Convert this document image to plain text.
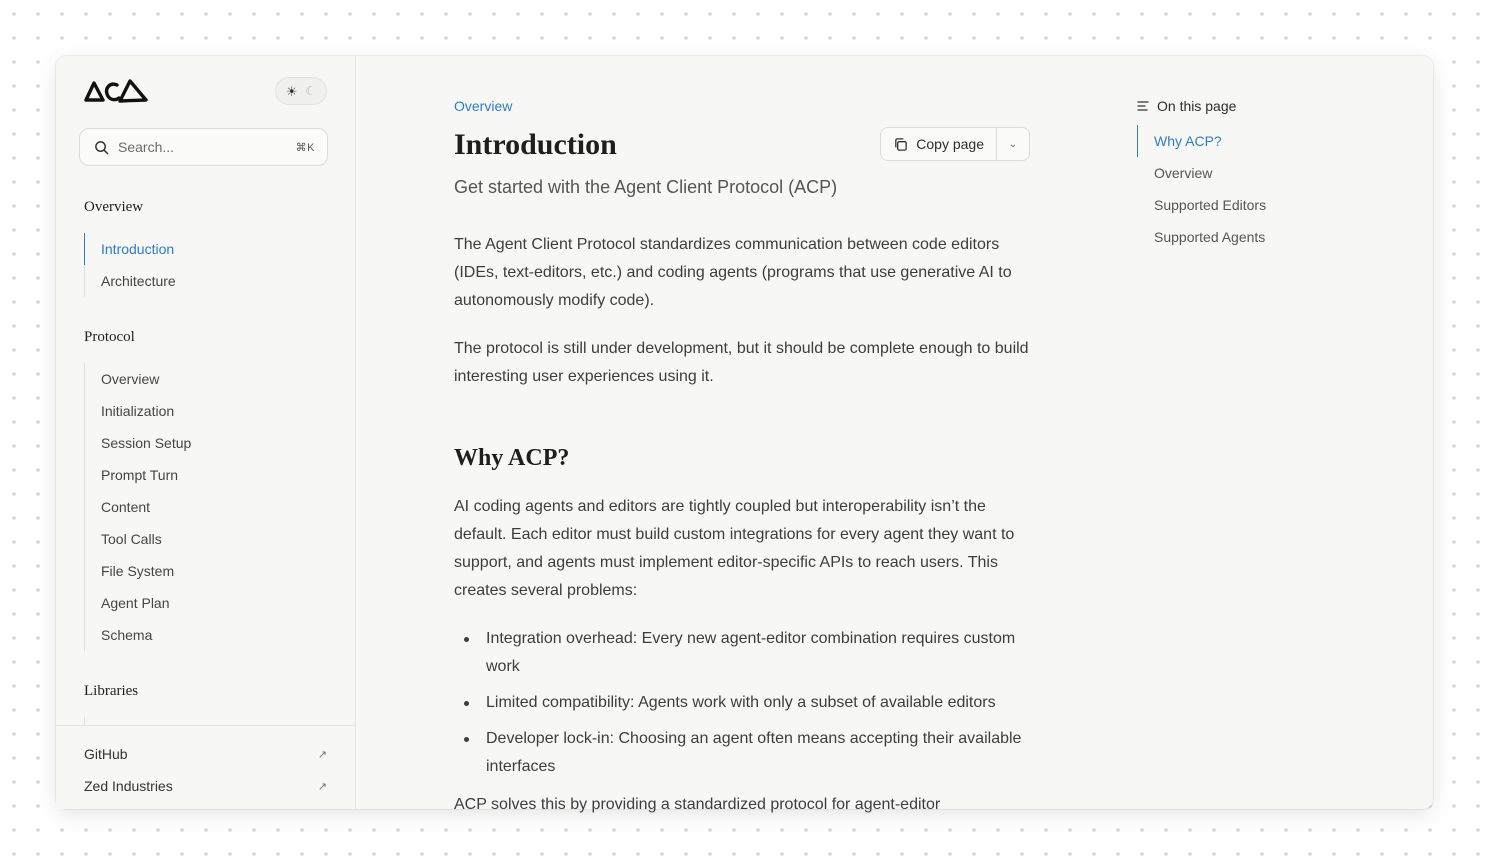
☀ ☾
Search...	⌘K
Overview
Introduction
Architecture
Protocol
Overview
Initialization
Session Setup
Prompt Turn
Content
Tool Calls
File System
Agent Plan
Schema
Libraries
GitHub	↗
Zed Industries	↗
Overview
Introduction	Copy page ⌄

Get started with the Agent Client Protocol (ACP)

The Agent Client Protocol standardizes communication between code editors (IDEs, text-editors, etc.) and coding agents (programs that use generative AI to autonomously modify code).

The protocol is still under development, but it should be complete enough to build interesting user experiences using it.

Why ACP?

AI coding agents and editors are tightly coupled but interoperability isn’t the default. Each editor must build custom integrations for every agent they want to support, and agents must implement editor-specific APIs to reach users. This creates several problems:

Integration overhead: Every new agent-editor combination requires custom work
Limited compatibility: Agents work with only a subset of available editors
Developer lock-in: Choosing an agent often means accepting their available interfaces

ACP solves this by providing a standardized protocol for agent-editor

On this page
Why ACP?
Overview
Supported Editors
Supported Agents
